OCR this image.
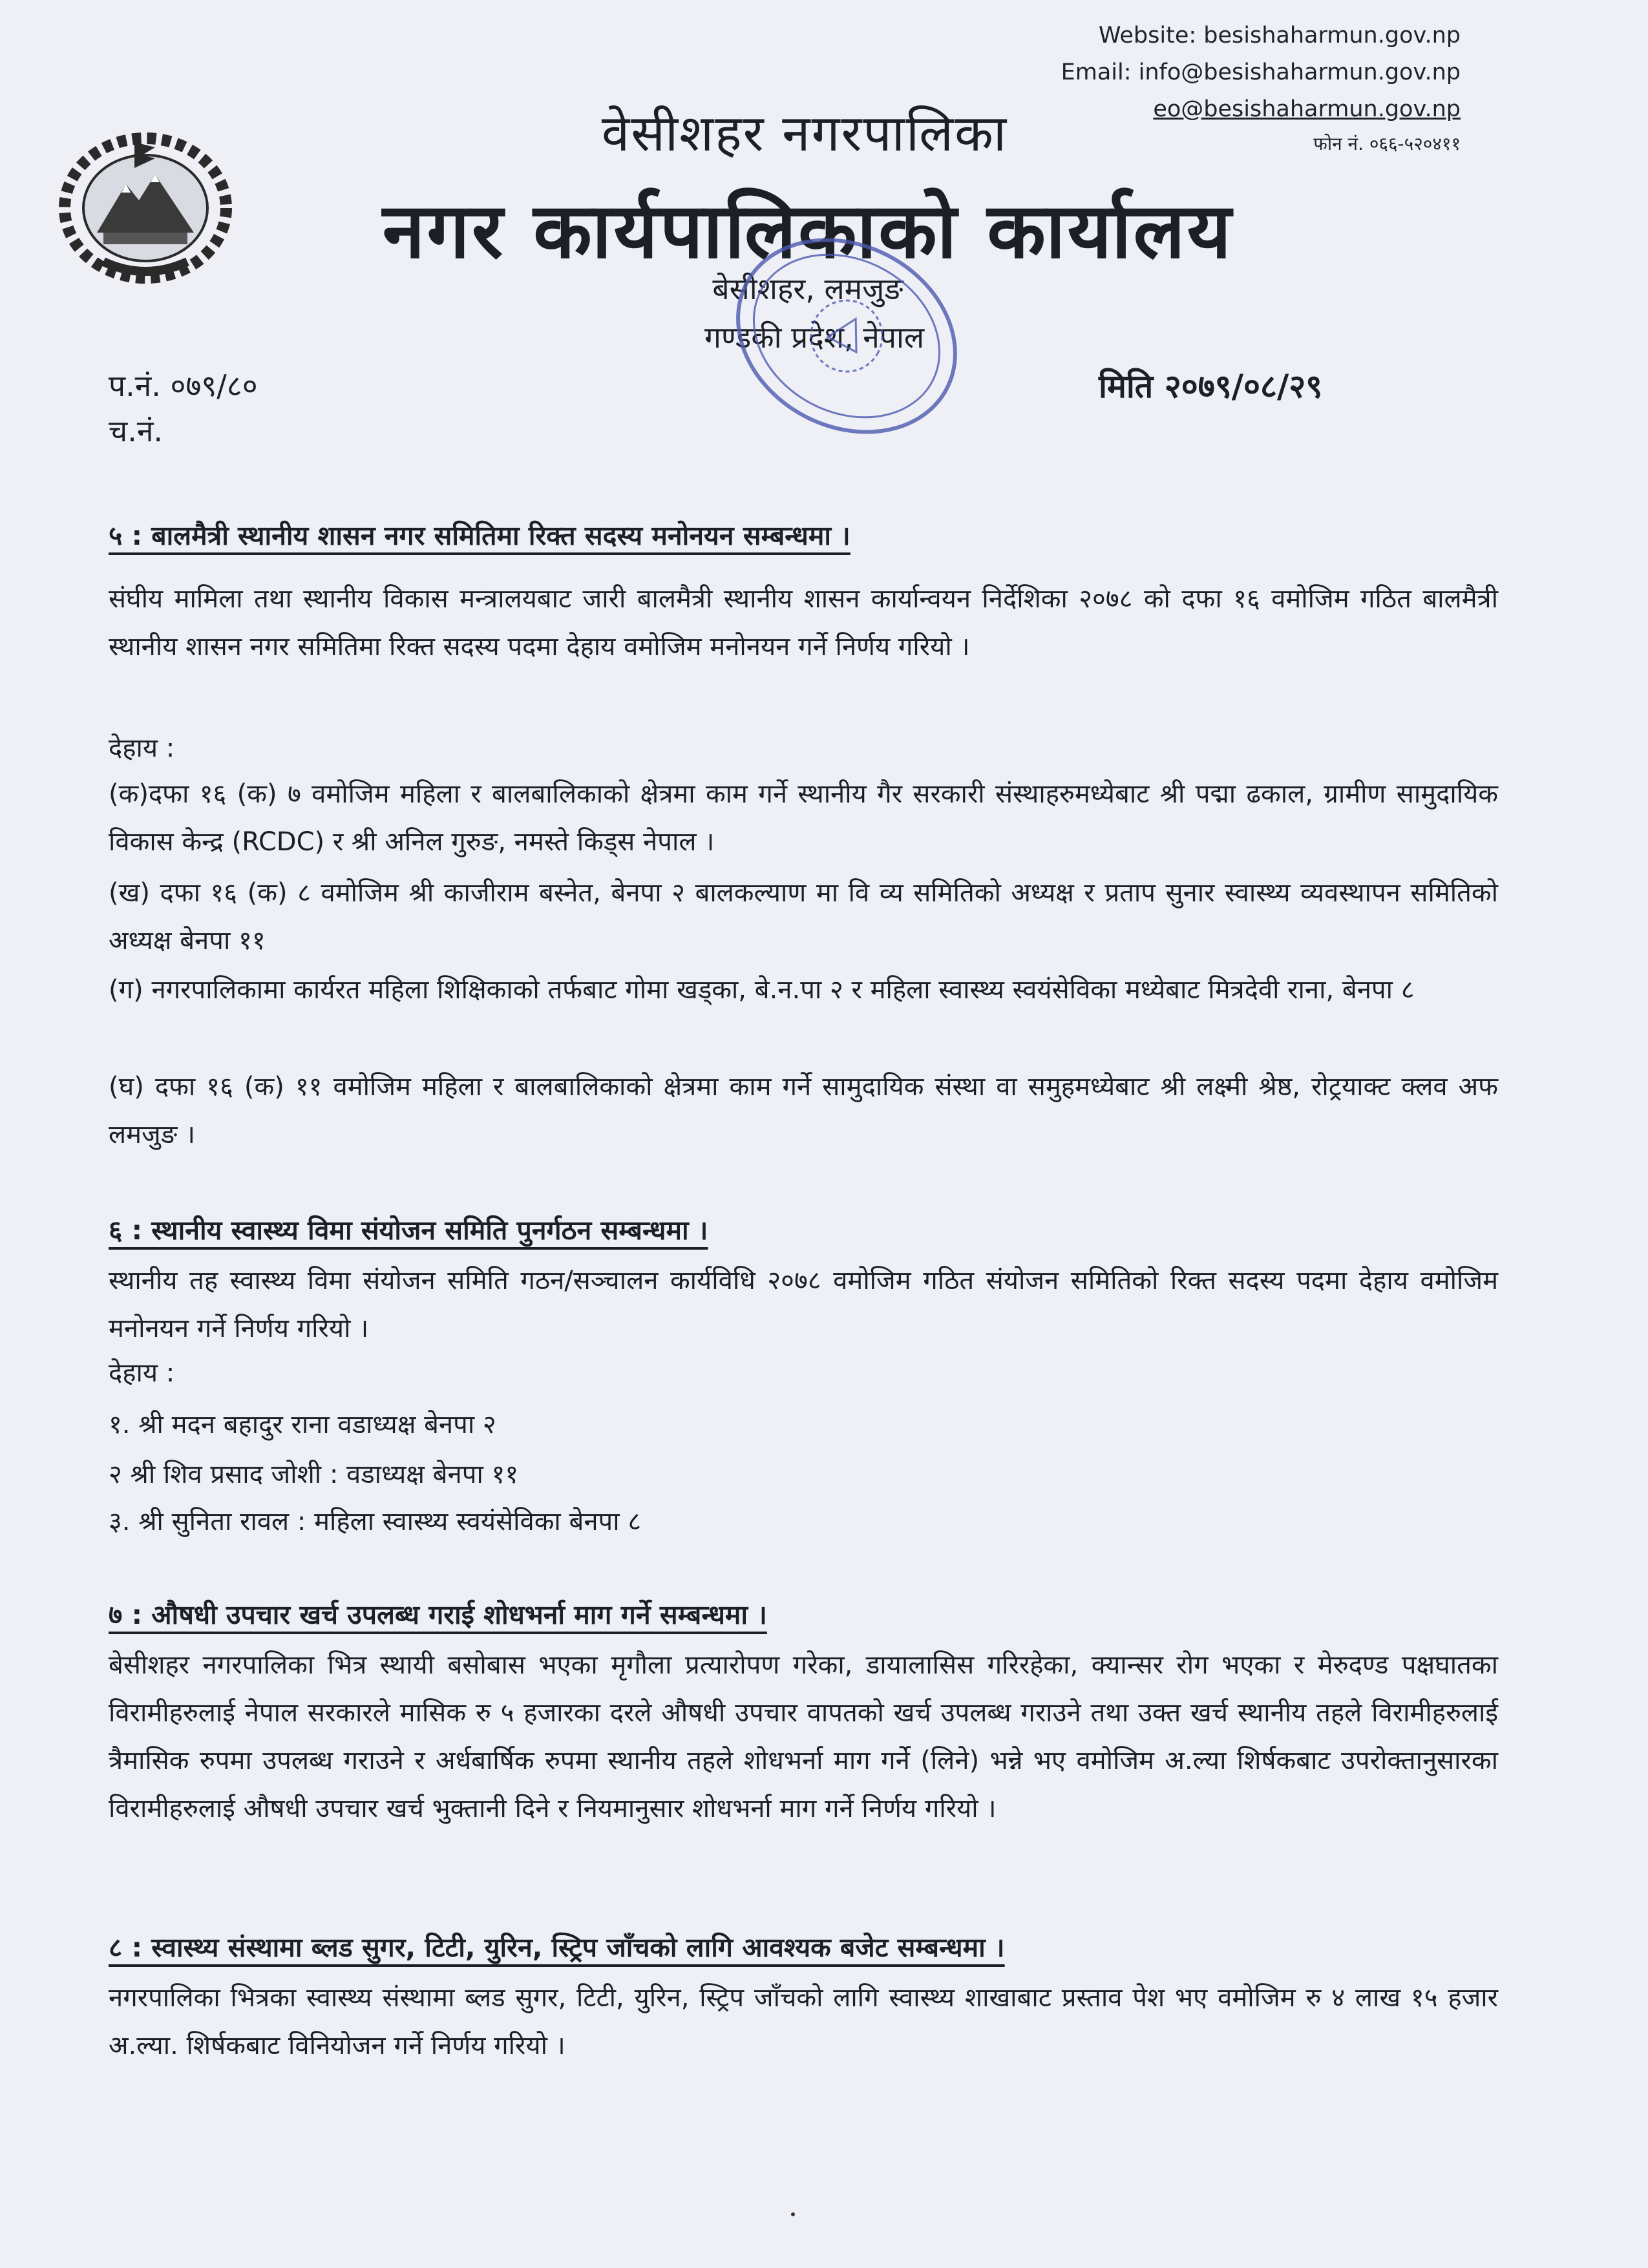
Website: besishaharmun.gov.np
Email: info@besishaharmun.gov.np
eo@besishaharmun.gov.np
फोन नं. ०६६-५२०४११
वेसीशहर नगरपालिका
नगर कार्यपालिकाको कार्यालय
बेसीशहर, लमजुङ
गण्डकी प्रदेश, नेपाल
प.नं. ०७९/८०
च.नं.
मिति २०७९/०८/२९
५ : बालमैत्री स्थानीय शासन नगर समितिमा रिक्त सदस्य मनोनयन सम्बन्धमा ।
संघीय मामिला तथा स्थानीय विकास मन्त्रालयबाट जारी बालमैत्री स्थानीय शासन कार्यान्वयन निर्देशिका २०७८ को दफा १६ वमोजिम गठित बालमैत्री स्थानीय शासन नगर समितिमा रिक्त सदस्य पदमा देहाय वमोजिम मनोनयन गर्ने निर्णय गरियो ।
देहाय :
(क)दफा १६ (क) ७ वमोजिम महिला र बालबालिकाको क्षेत्रमा काम गर्ने स्थानीय गैर सरकारी संस्थाहरुमध्येबाट श्री पद्मा ढकाल, ग्रामीण सामुदायिक विकास केन्द्र (RCDC) र श्री अनिल गुरुङ, नमस्ते किड्स नेपाल ।
(ख) दफा १६ (क) ८ वमोजिम श्री काजीराम बस्नेत, बेनपा २ बालकल्याण मा वि व्य समितिको अध्यक्ष र प्रताप सुनार स्वास्थ्य व्यवस्थापन समितिको अध्यक्ष बेनपा ११
(ग) नगरपालिकामा कार्यरत महिला शिक्षिकाको तर्फबाट गोमा खड्का, बे.न.पा २ र महिला स्वास्थ्य स्वयंसेविका मध्येबाट मित्रदेवी राना, बेनपा ८
(घ) दफा १६ (क) ११ वमोजिम महिला र बालबालिकाको क्षेत्रमा काम गर्ने सामुदायिक संस्था वा समुहमध्येबाट श्री लक्ष्मी श्रेष्ठ, रोट्रयाक्ट क्लव अफ लमजुङ ।
६ : स्थानीय स्वास्थ्य विमा संयोजन समिति पुनर्गठन सम्बन्धमा ।
स्थानीय तह स्वास्थ्य विमा संयोजन समिति गठन/सञ्चालन कार्यविधि २०७८ वमोजिम गठित संयोजन समितिको रिक्त सदस्य पदमा देहाय वमोजिम मनोनयन गर्ने निर्णय गरियो ।
देहाय :
१. श्री मदन बहादुर राना वडाध्यक्ष बेनपा २
२ श्री शिव प्रसाद जोशी : वडाध्यक्ष बेनपा ११
३. श्री सुनिता रावल : महिला स्वास्थ्य स्वयंसेविका बेनपा ८
७ : औषधी उपचार खर्च उपलब्ध गराई शोधभर्ना माग गर्ने सम्बन्धमा ।
बेसीशहर नगरपालिका भित्र स्थायी बसोबास भएका मृगौला प्रत्यारोपण गरेका, डायालासिस गरिरहेका, क्यान्सर रोग भएका र मेरुदण्ड पक्षघातका विरामीहरुलाई नेपाल सरकारले मासिक रु ५ हजारका दरले औषधी उपचार वापतको खर्च उपलब्ध गराउने तथा उक्त खर्च स्थानीय तहले विरामीहरुलाई त्रैमासिक रुपमा उपलब्ध गराउने र अर्धबार्षिक रुपमा स्थानीय तहले शोधभर्ना माग गर्ने (लिने) भन्ने भए वमोजिम अ.ल्या शिर्षकबाट उपरोक्तानुसारका विरामीहरुलाई औषधी उपचार खर्च भुक्तानी दिने र नियमानुसार शोधभर्ना माग गर्ने निर्णय गरियो ।
८ : स्वास्थ्य संस्थामा ब्लड सुगर, टिटी, युरिन, स्ट्रिप जाँचको लागि आवश्यक बजेट सम्बन्धमा ।
नगरपालिका भित्रका स्वास्थ्य संस्थामा ब्लड सुगर, टिटी, युरिन, स्ट्रिप जाँचको लागि स्वास्थ्य शाखाबाट प्रस्ताव पेश भए वमोजिम रु ४ लाख १५ हजार अ.ल्या. शिर्षकबाट विनियोजन गर्ने निर्णय गरियो ।
